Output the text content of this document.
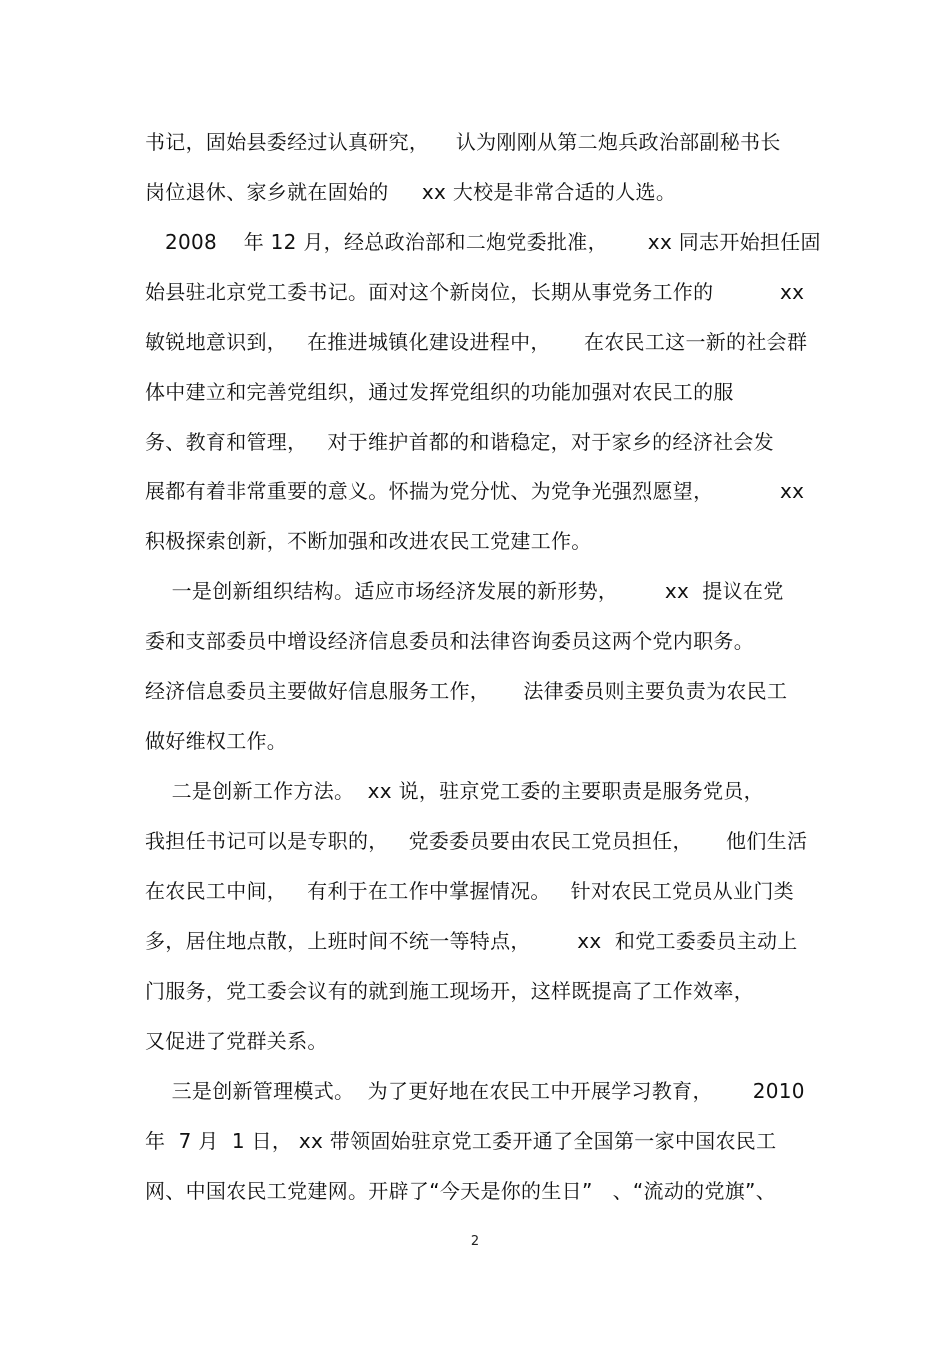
书记，固始县委经过认真研究，    认为刚刚从第二炮兵政治部副秘书长
岗位退休、家乡就在固始的     xx 大校是非常合适的人选。
2008    年 12 月，经总政治部和二炮党委批准，      xx 同志开始担任固
始县驻北京党工委书记。面对这个新岗位，长期从事党务工作的          xx
敏锐地意识到，   在推进城镇化建设进程中，     在农民工这一新的社会群
体中建立和完善党组织，通过发挥党组织的功能加强对农民工的服
务、教育和管理，   对于维护首都的和谐稳定，对于家乡的经济社会发
展都有着非常重要的意义。怀揣为党分忧、为党争光强烈愿望，          xx
积极探索创新，不断加强和改进农民工党建工作。
一是创新组织结构。适应市场经济发展的新形势，       xx  提议在党
委和支部委员中增设经济信息委员和法律咨询委员这两个党内职务。
经济信息委员主要做好信息服务工作，     法律委员则主要负责为农民工
做好维权工作。
二是创新工作方法。  xx 说，驻京党工委的主要职责是服务党员，
我担任书记可以是专职的，   党委委员要由农民工党员担任，     他们生活
在农民工中间，   有利于在工作中掌握情况。   针对农民工党员从业门类
多，居住地点散，上班时间不统一等特点，       xx  和党工委委员主动上
门服务，党工委会议有的就到施工现场开，这样既提高了工作效率，
又促进了党群关系。
三是创新管理模式。  为了更好地在农民工中开展学习教育，      2010
年  7 月  1 日， xx 带领固始驻京党工委开通了全国第一家中国农民工
网、中国农民工党建网。开辟了“今天是你的生日”   、“流动的党旗”、
2
